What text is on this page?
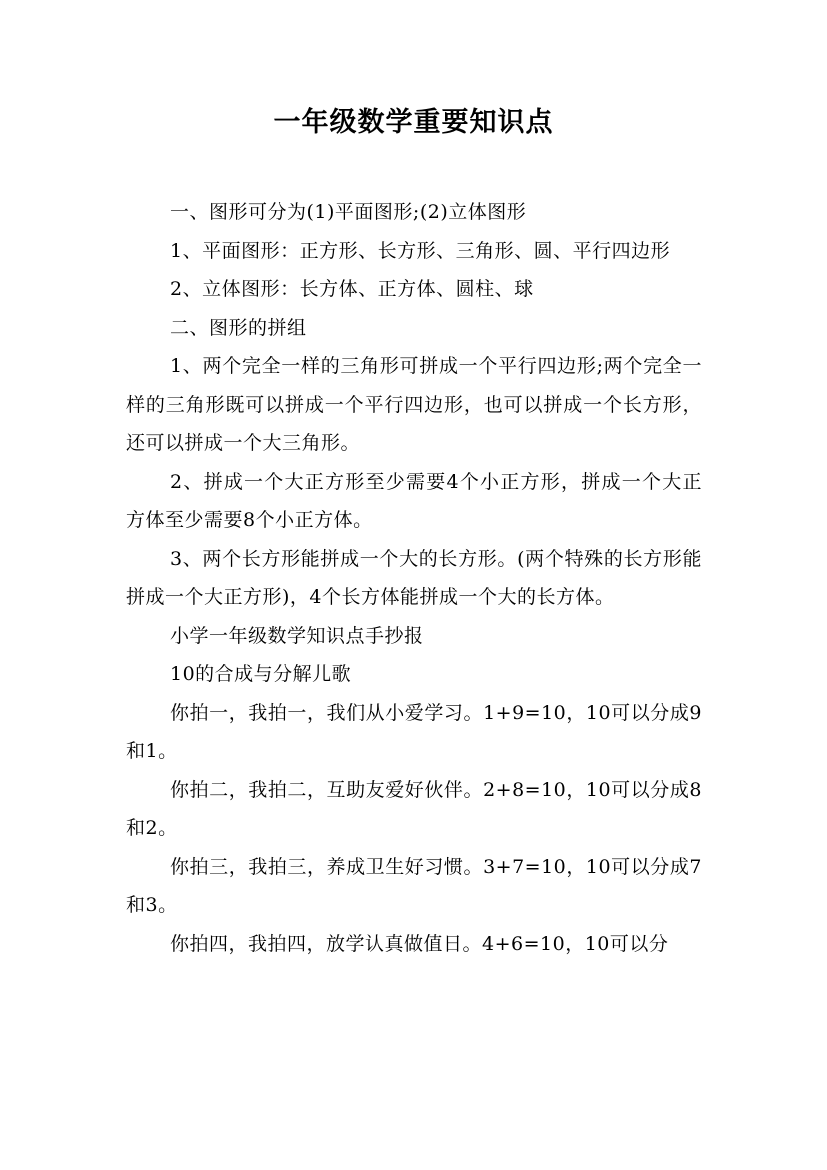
一年级数学重要知识点

一、图形可分为(1)平面图形;(2)立体图形

1、平面图形：正方形、长方形、三角形、圆、平行四边形

2、立体图形：长方体、正方体、圆柱、球

二、图形的拼组

1、两个完全一样的三角形可拼成一个平行四边形;两个完全一样的三角形既可以拼成一个平行四边形，也可以拼成一个长方形，还可以拼成一个大三角形。

2、拼成一个大正方形至少需要4个小正方形，拼成一个大正方体至少需要8个小正方体。

3、两个长方形能拼成一个大的长方形。(两个特殊的长方形能拼成一个大正方形)，4个长方体能拼成一个大的长方体。

小学一年级数学知识点手抄报

10的合成与分解儿歌

你拍一，我拍一，我们从小爱学习。1+9=10，10可以分成9和1。

你拍二，我拍二，互助友爱好伙伴。2+8=10，10可以分成8和2。

你拍三，我拍三，养成卫生好习惯。3+7=10，10可以分成7和3。

你拍四，我拍四，放学认真做值日。4+6=10，10可以分
